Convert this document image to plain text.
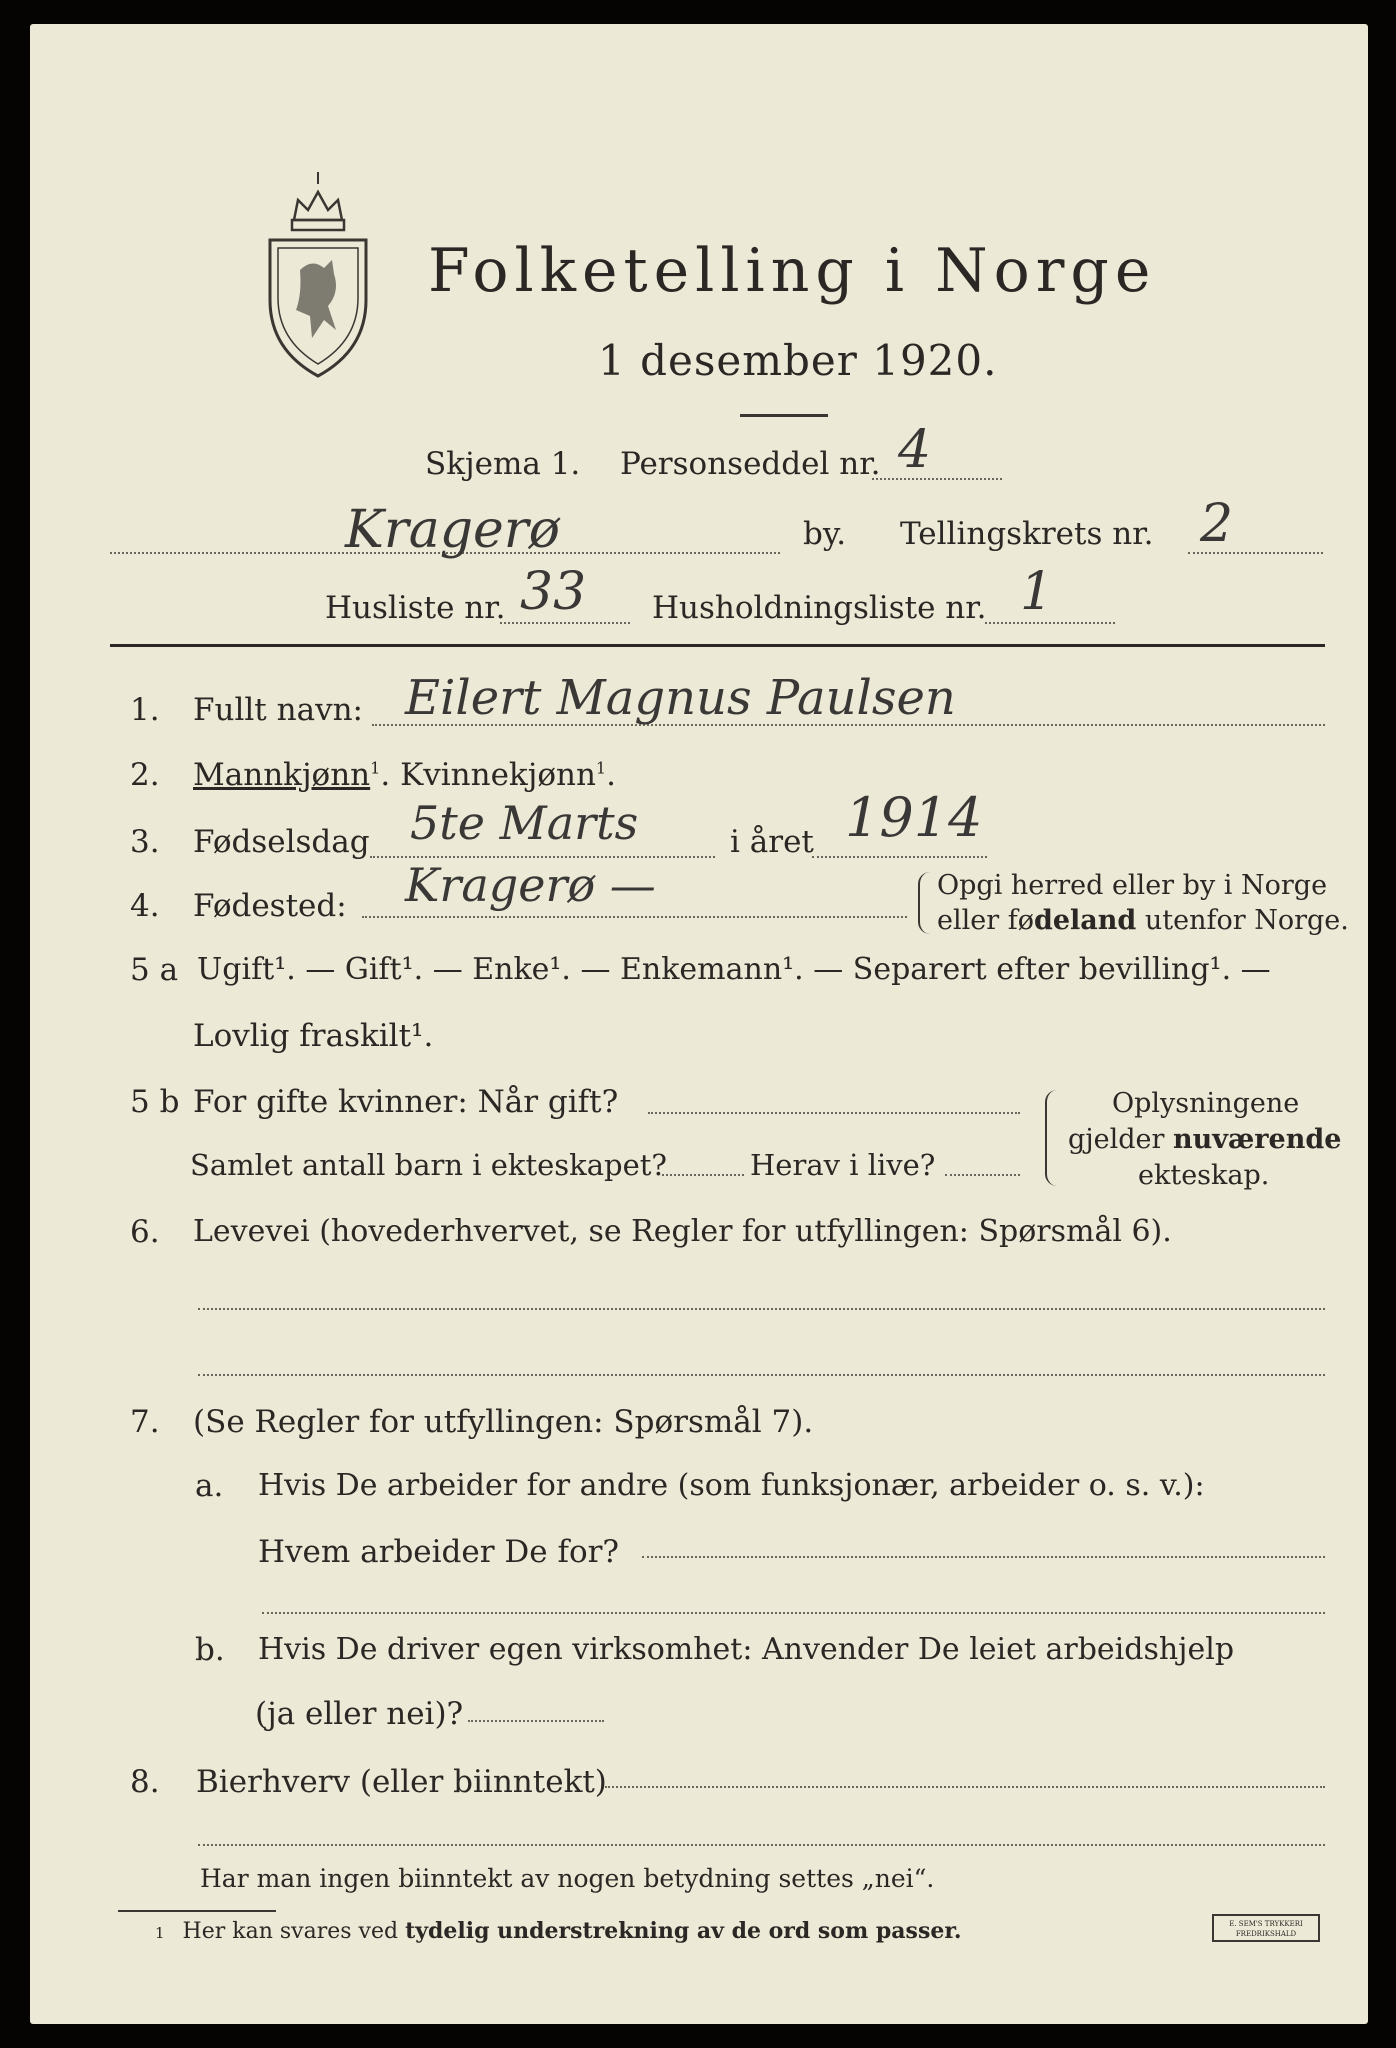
Folketelling i Norge
1 desember 1920.
Skjema 1. Personseddel nr. 4
Kragerø	by. Tellingskrets nr. 2
Husliste nr. 33 Husholdningsliste nr. 1
1. Fullt navn: Eilert Magnus Paulsen
2. Mannkjønn$^1$. Kvinnekjønn$^1$.
3. Fødselsdag 5te Marts	i året 1914
4. Fødested: Kragerø —	Opgi herred eller by i Norge
eller fødeland utenfor Norge.
5 a Ugift¹. — Gift¹. — Enke¹. — Enkemann¹. — Separert efter bevilling¹. —
Lovlig fraskilt¹.
5 b For gifte kvinner: Når gift?
Samlet antall barn i ekteskapet?	Herav i live?
Oplysningene
gjelder nuværende
ekteskap.
6. Levevei (hovederhvervet, se Regler for utfyllingen: Spørsmål 6).
7. (Se Regler for utfyllingen: Spørsmål 7).
a. Hvis De arbeider for andre (som funksjonær, arbeider o. s. v.):
Hvem arbeider De for?
b. Hvis De driver egen virksomhet: Anvender De leiet arbeidshjelp
(ja eller nei)?
8. Bierhverv (eller biinntekt)
Har man ingen biinntekt av nogen betydning settes „nei“.
1 Her kan svares ved tydelig understrekning av de ord som passer.	E. SEM'S TRYKKERI
FREDRIKSHALD
